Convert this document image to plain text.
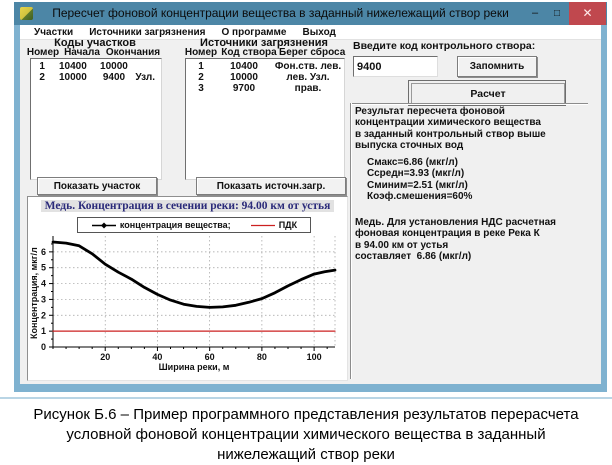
Пересчет фоновой концентрации вещества в заданный нижележащий створ реки	–	□	✕
Участки	Источники загрязнения	О программе	Выход
Коды участков
Номер Начала Окончания
1	10400	10000
2	10000	9400	Узл.
Показать участок
Источники загрязнения
Номер Код створа Берег сброса
1	10400	Фон.ств. лев.
2	10000	лев. Узл.
3	9700	прав.
Показать источн.загр.
Введите код контрольного створа:
9400
Запомнить
Расчет
Результат пересчета фоновой
концентрации химического вещества
в заданный контрольный створ выше
выпуска сточных вод
Смакс=6.86 (мкг/л)
Ссредн=3.93 (мкг/л)
Сминим=2.51 (мкг/л)
Коэф.смешения=60%
Медь. Для установления НДС расчетная
фоновая концентрация в реке Река К
в 94.00 км от устья
составляет  6.86 (мкг/л)
Медь. Концентрация в сечении реки: 94.00 км от устья
концентрация вещества;	ПДК
20	40	60	80	100
0
1
2
3
4
5
6
Ширина реки, м
Концентрация, мкг/л
Рисунок Б.6 – Пример программного представления результатов перерасчета
условной фоновой концентрации химического вещества в заданный
нижележащий створ реки
